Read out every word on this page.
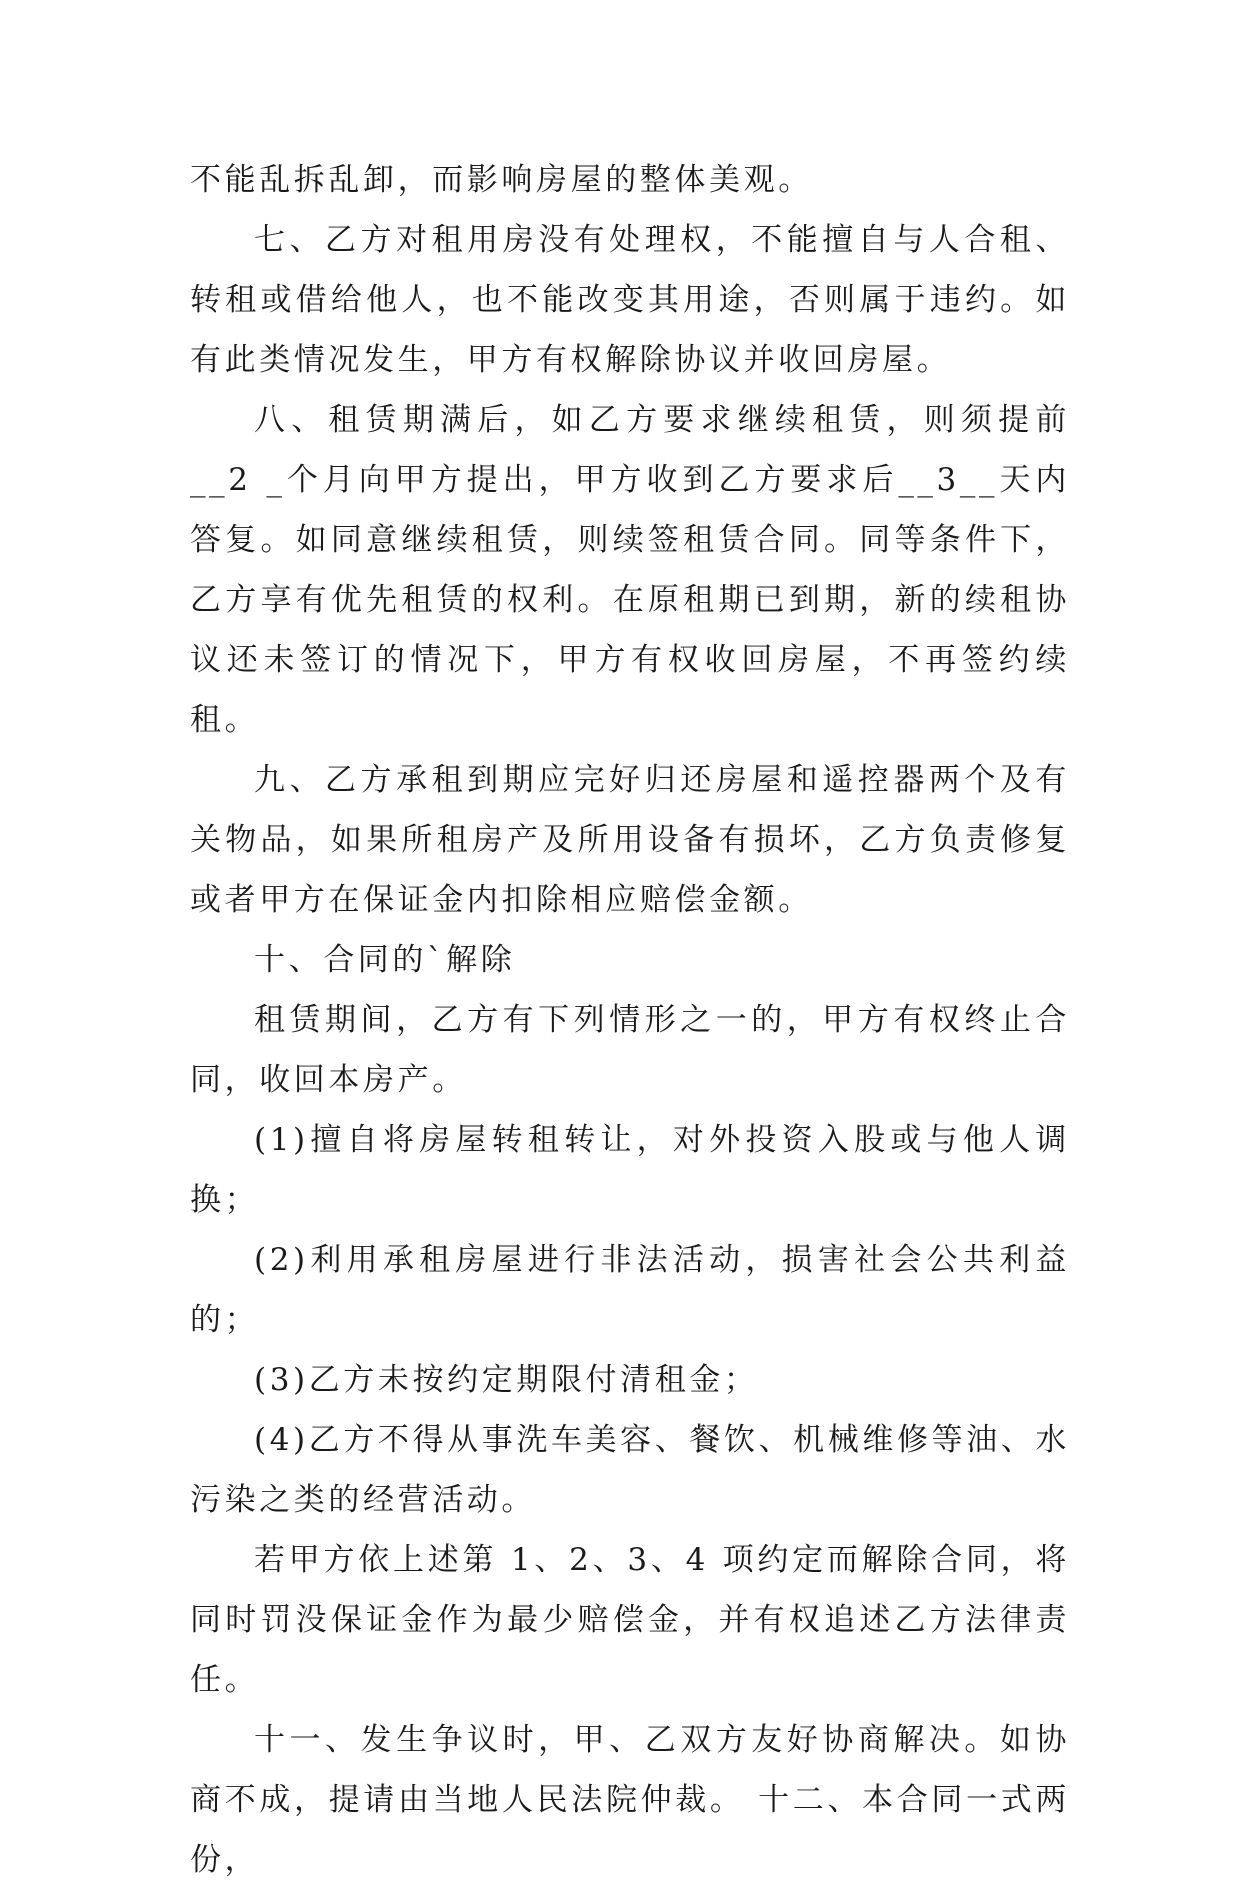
不能乱拆乱卸，而影响房屋的整体美观。

七、乙方对租用房没有处理权，不能擅自与人合租、转租或借给他人，也不能改变其用途，否则属于违约。如有此类情况发生，甲方有权解除协议并收回房屋。

八、租赁期满后，如乙方要求继续租赁，则须提前__2 _个月向甲方提出，甲方收到乙方要求后__3__天内答复。如同意继续租赁，则续签租赁合同。同等条件下，乙方享有优先租赁的权利。在原租期已到期，新的续租协议还未签订的情况下，甲方有权收回房屋，不再签约续租。

九、乙方承租到期应完好归还房屋和遥控器两个及有关物品，如果所租房产及所用设备有损坏，乙方负责修复或者甲方在保证金内扣除相应赔偿金额。

十、合同的`解除

租赁期间，乙方有下列情形之一的，甲方有权终止合同，收回本房产。

(1)擅自将房屋转租转让，对外投资入股或与他人调换；

(2)利用承租房屋进行非法活动，损害社会公共利益的；

(3)乙方未按约定期限付清租金；

(4)乙方不得从事洗车美容、餐饮、机械维修等油、水污染之类的经营活动。

若甲方依上述第 1、2、3、4 项约定而解除合同，将同时罚没保证金作为最少赔偿金，并有权追述乙方法律责任。

十一、发生争议时，甲、乙双方友好协商解决。如协商不成，提请由当地人民法院仲裁。 十二、本合同一式两份，
